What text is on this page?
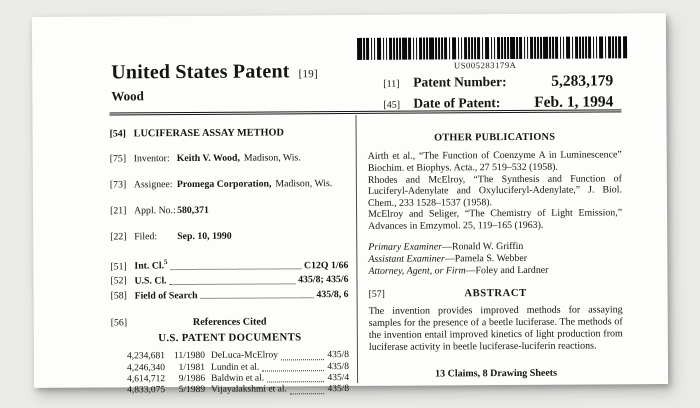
United States Patent [19]
Wood
US005283179A
[11]	Patent Number:	5,283,179
[45] Date of Patent: Feb. 1, 1994
[54] LUCIFERASE ASSAY METHOD
[75] Inventor: Keith V. Wood, Madison, Wis.
[73] Assignee: Promega Corporation, Madison, Wis.
[21] Appl. No.: 580,371
[22] Filed:	Sep. 10, 1990
[51] Int. Cl.$^5$	C12Q 1/66
[52] U.S. Cl.	435/8; 435/6
[58] Field of Search	435/8, 6
[56]	References Cited
U.S. PATENT DOCUMENTS
4,234,681 11/1980 DeLuca-McElroy	435/8
4,246,340	1/1981 Lundin et al.	435/8
4,614,712	9/1986 Baldwin et al.	435/4
4,833,075	5/1989 Vijayalakshmi et al.	435/8
OTHER PUBLICATIONS

Airth et al., “The Function of Coenzyme A in Luminescence” Biochim. et Biophys. Acta., 27 519–532 (1958).

Rhodes and McElroy, “The Synthesis and Function of Luciferyl-Adenylate and Oxyluciferyl-Adenylate,” J. Biol. Chem., 233 1528–1537 (1958).

McElroy and Seliger, “The Chemistry of Light Emission,” Advances in Emzymol. 25, 119–165 (1963).

Primary Examiner—Ronald W. Griffin
Assistant Examiner—Pamela S. Webber
Attorney, Agent, or Firm—Foley and Lardner
[57]	ABSTRACT
The invention provides improved methods for assaying samples for the presence of a beetle luciferase. The methods of the invention entail improved kinetics of light production from luciferase activity in beetle luciferase-luciferin reactions.
13 Claims, 8 Drawing Sheets
